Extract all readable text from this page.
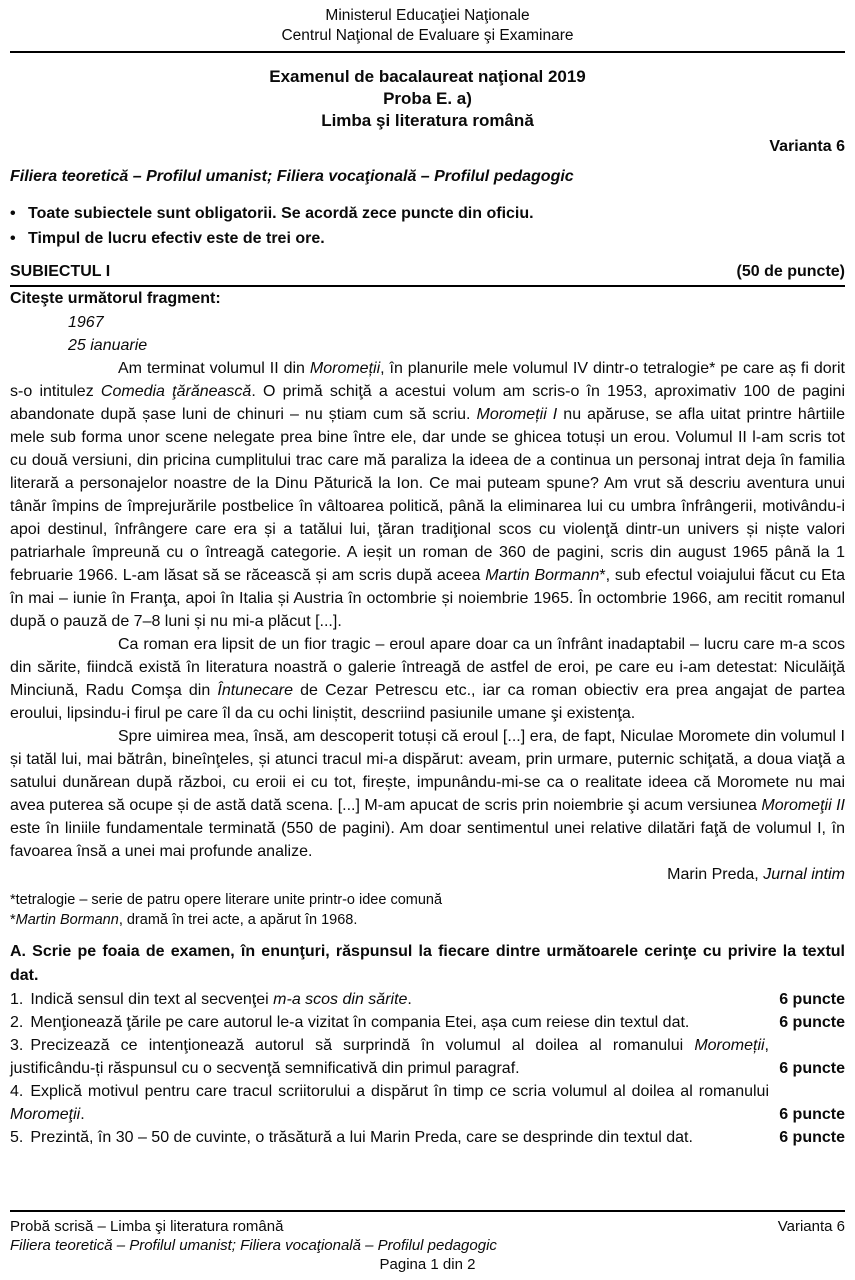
Ministerul Educaţiei Naţionale
Centrul Naţional de Evaluare şi Examinare
Examenul de bacalaureat naţional 2019
Proba E. a)
Limba şi literatura română
Varianta 6
Filiera teoretică – Profilul umanist; Filiera vocaţională – Profilul pedagogic
• Toate subiectele sunt obligatorii. Se acordă zece puncte din oficiu.
• Timpul de lucru efectiv este de trei ore.
SUBIECTUL I	(50 de puncte)
Citeşte următorul fragment:
1967
25 ianuarie

Am terminat volumul II din Moromeții, în planurile mele volumul IV dintr-o tetralogie* pe care aș fi dorit s-o intitulez Comedia ţărănească. O primă schiţă a acestui volum am scris-o în 1953, aproximativ 100 de pagini abandonate după șase luni de chinuri – nu știam cum să scriu. Moromeții I nu apăruse, se afla uitat printre hârtiile mele sub forma unor scene nelegate prea bine între ele, dar unde se ghicea totuși un erou. Volumul II l-am scris tot cu două versiuni, din pricina cumplitului trac care mă paraliza la ideea de a continua un personaj intrat deja în familia literară a personajelor noastre de la Dinu Păturică la Ion. Ce mai puteam spune? Am vrut să descriu aventura unui tânăr împins de împrejurările postbelice în vâltoarea politică, până la eliminarea lui cu umbra înfrângerii, motivându-i apoi destinul, înfrângere care era și a tatălui lui, ţăran tradiţional scos cu violenţă dintr-un univers și niște valori patriarhale împreună cu o întreagă categorie. A ieșit un roman de 360 de pagini, scris din august 1965 până la 1 februarie 1966. L-am lăsat să se răcească și am scris după aceea Martin Bormann*, sub efectul voiajului făcut cu Eta în mai – iunie în Franţa, apoi în Italia și Austria în octombrie și noiembrie 1965. În octombrie 1966, am recitit romanul după o pauză de 7–8 luni și nu mi-a plăcut [...].

Ca roman era lipsit de un fior tragic – eroul apare doar ca un înfrânt inadaptabil – lucru care m-a scos din sărite, fiindcă există în literatura noastră o galerie întreagă de astfel de eroi, pe care eu i-am detestat: Niculăiţă Minciună, Radu Comşa din Întunecare de Cezar Petrescu etc., iar ca roman obiectiv era prea angajat de partea eroului, lipsindu-i firul pe care îl da cu ochi liniștit, descriind pasiunile umane şi existenţa.

Spre uimirea mea, însă, am descoperit totuși că eroul [...] era, de fapt, Niculae Moromete din volumul I și tatăl lui, mai bătrân, bineînţeles, și atunci tracul mi-a dispărut: aveam, prin urmare, puternic schiţată, a doua viaţă a satului dunărean după război, cu eroii ei cu tot, firește, impunându-mi-se ca o realitate ideea că Moromete nu mai avea puterea să ocupe și de astă dată scena. [...] M-am apucat de scris prin noiembrie şi acum versiunea Moromeţii II este în liniile fundamentale terminată (550 de pagini). Am doar sentimentul unei relative dilatări faţă de volumul I, în favoarea însă a unei mai profunde analize.

Marin Preda, Jurnal intim
*tetralogie – serie de patru opere literare unite printr-o idee comună
*Martin Bormann, dramă în trei acte, a apărut în 1968.
A. Scrie pe foaia de examen, în enunţuri, răspunsul la fiecare dintre următoarele cerinţe cu privire la textul dat.
1. Indică sensul din text al secvenţei m-a scos din sărite.	6 puncte
2. Menţionează ţările pe care autorul le-a vizitat în compania Etei, așa cum reiese din textul dat.	6 puncte
3. Precizează ce intenţionează autorul să surprindă în volumul al doilea al romanului Moromeții, justificându-ți răspunsul cu o secvenţă semnificativă din primul paragraf.	6 puncte
4. Explică motivul pentru care tracul scriitorului a dispărut în timp ce scria volumul al doilea al romanului Moromeţii.	6 puncte
5. Prezintă, în 30 – 50 de cuvinte, o trăsătură a lui Marin Preda, care se desprinde din textul dat.	6 puncte
Probă scrisă – Limba şi literatura română	Varianta 6
Filiera teoretică – Profilul umanist; Filiera vocaţională – Profilul pedagogic
Pagina 1 din 2
